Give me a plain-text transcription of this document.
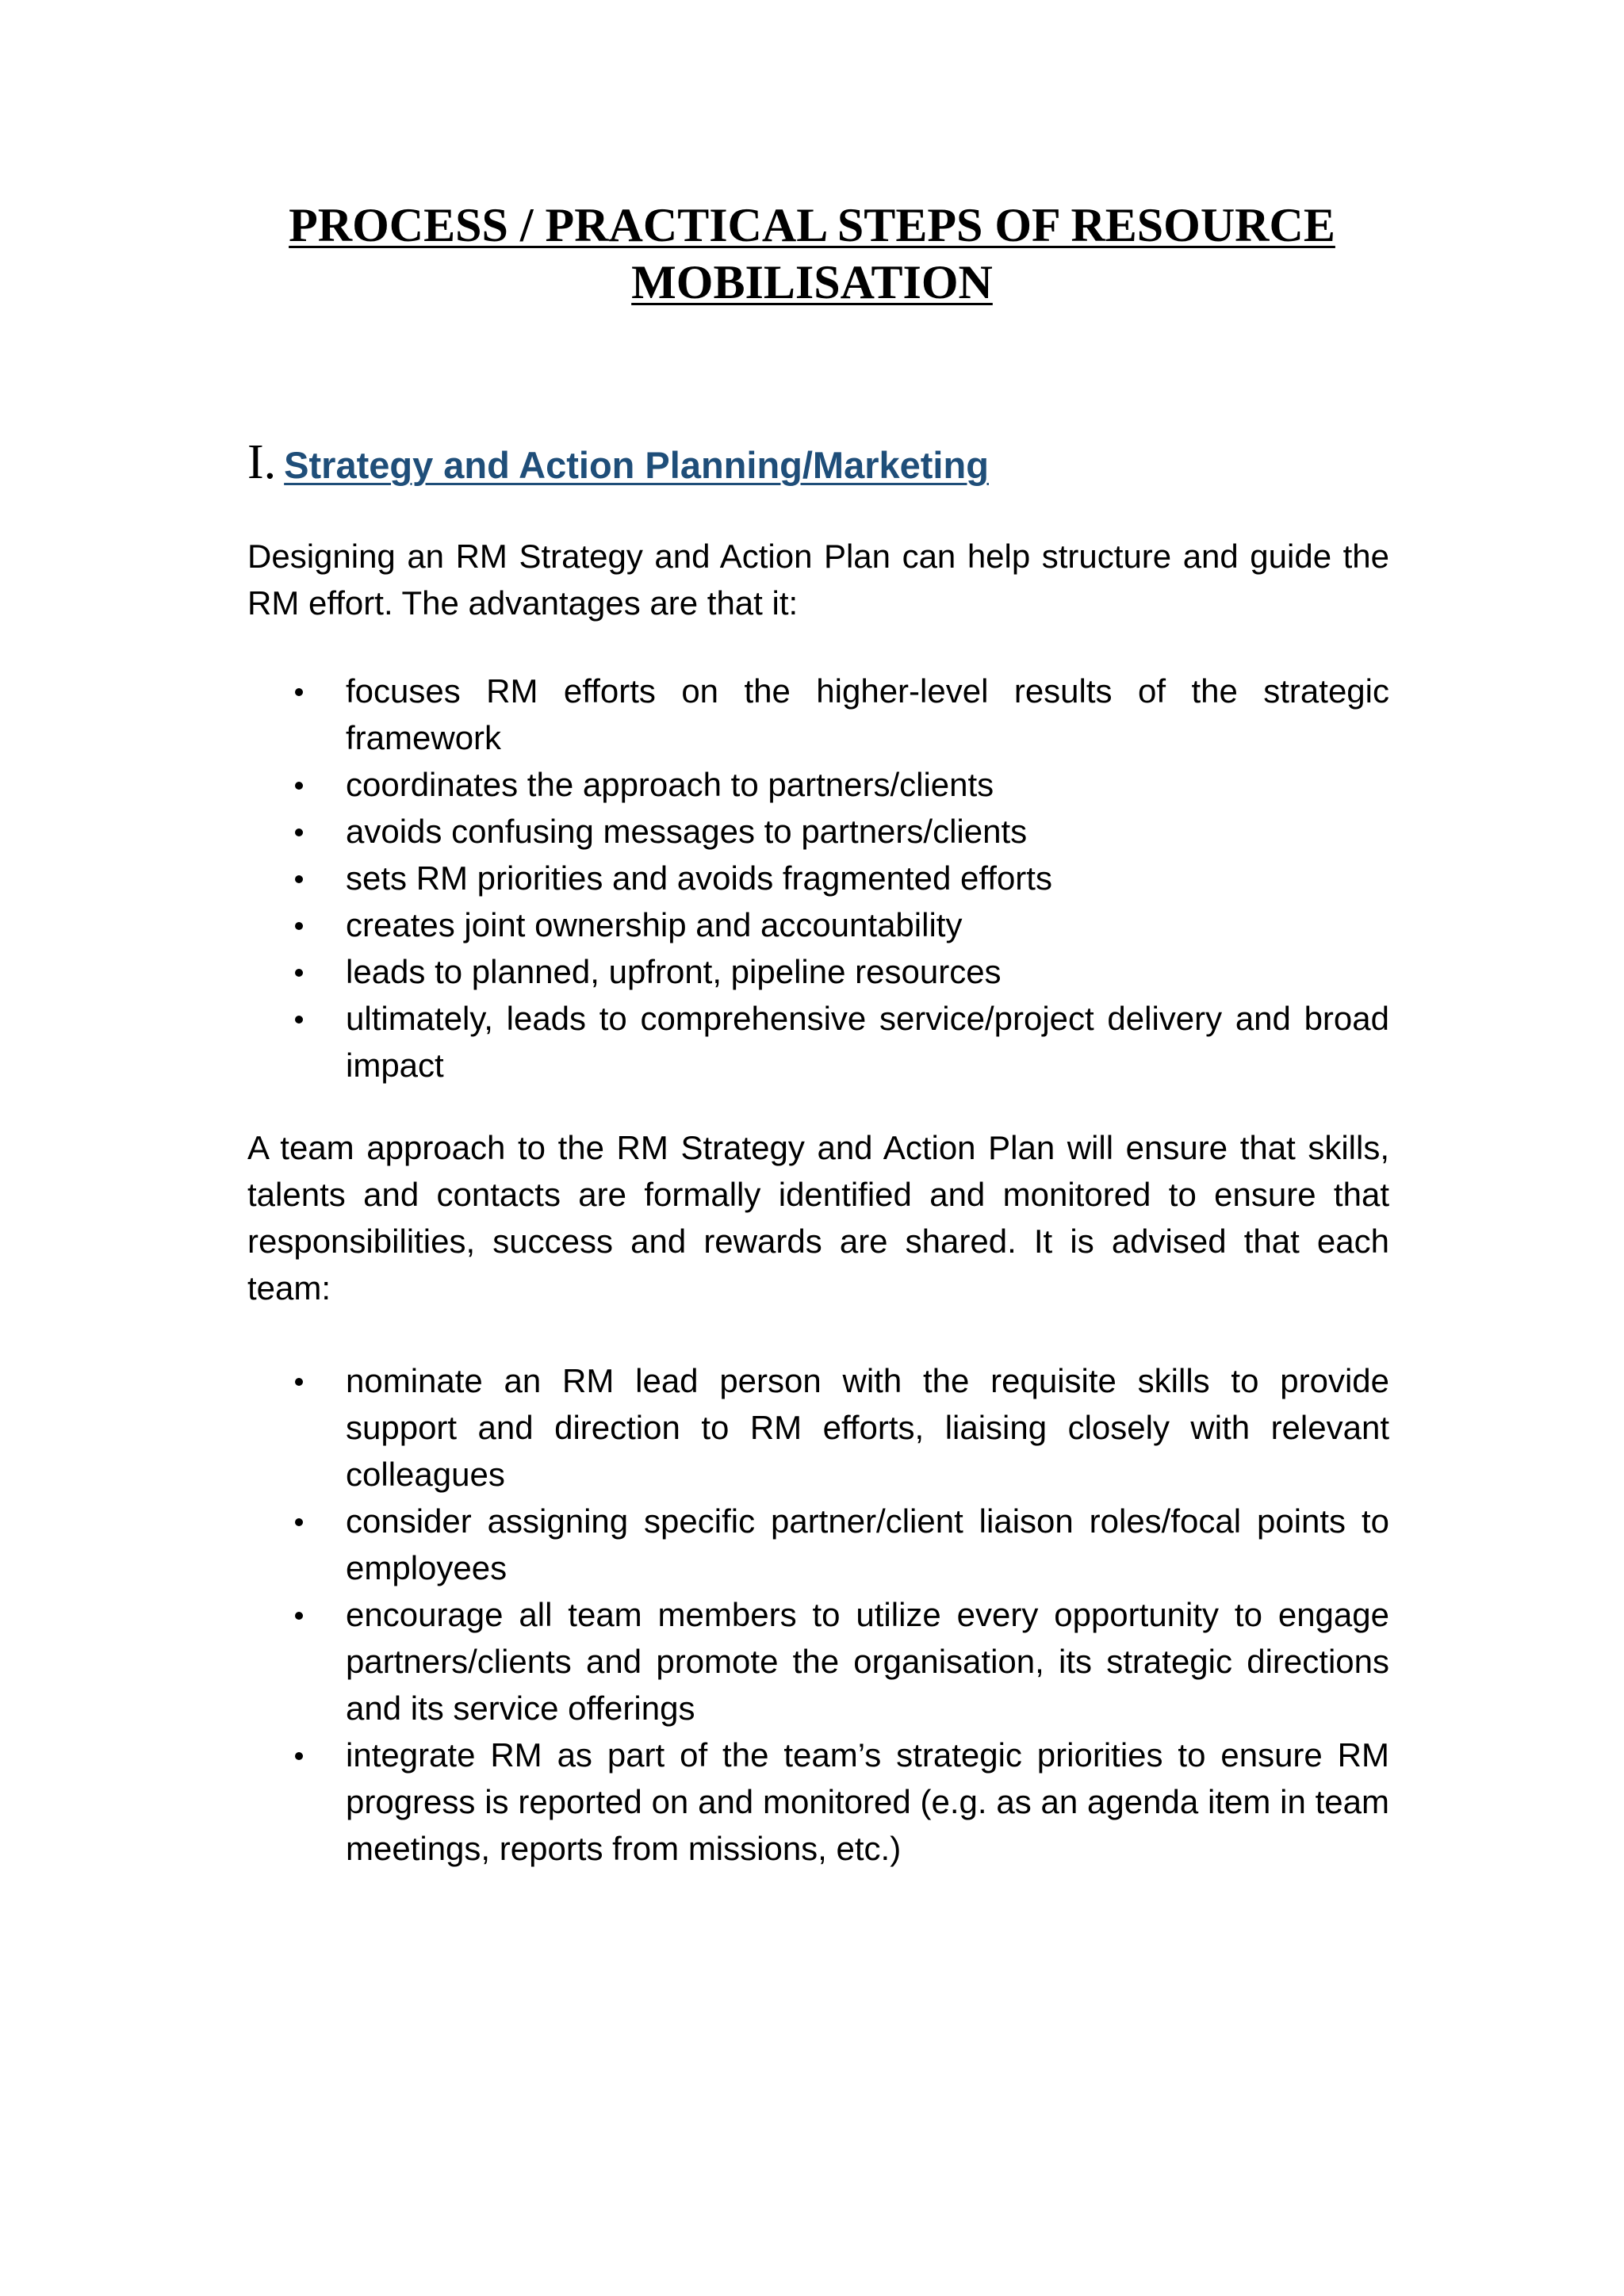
PROCESS / PRACTICAL STEPS OF RESOURCE MOBILISATION
I. Strategy and Action Planning/Marketing

Designing an RM Strategy and Action Plan can help structure and guide the RM effort. The advantages are that it:

focuses RM efforts on the higher-level results of the strategic framework
coordinates the approach to partners/clients
avoids confusing messages to partners/clients
sets RM priorities and avoids fragmented efforts
creates joint ownership and accountability
leads to planned, upfront, pipeline resources
ultimately, leads to comprehensive service/project delivery and broad impact

A team approach to the RM Strategy and Action Plan will ensure that skills, talents and contacts are formally identified and monitored to ensure that responsibilities, success and rewards are shared. It is advised that each team:

nominate an RM lead person with the requisite skills to provide support and direction to RM efforts, liaising closely with relevant colleagues
consider assigning specific partner/client liaison roles/focal points to employees
encourage all team members to utilize every opportunity to engage partners/clients and promote the organisation, its strategic directions and its service offerings
integrate RM as part of the team’s strategic priorities to ensure RM progress is reported on and monitored (e.g. as an agenda item in team meetings, reports from missions, etc.)
